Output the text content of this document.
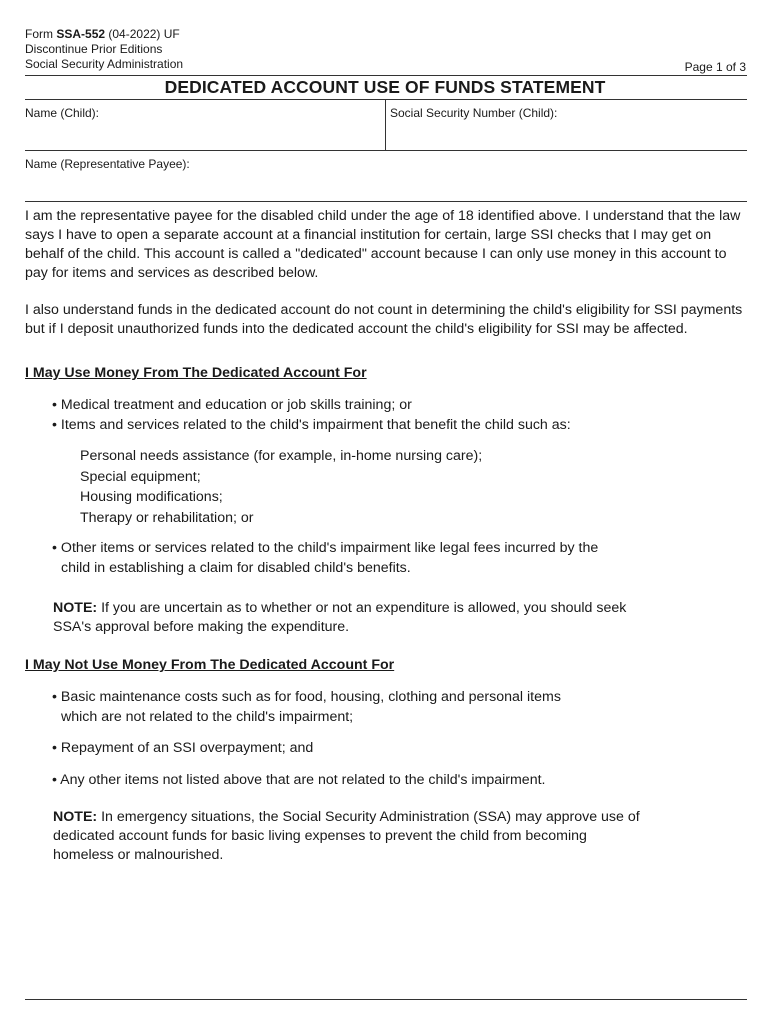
Form SSA-552 (04-2022) UF
Discontinue Prior Editions
Social Security Administration	Page 1 of 3
DEDICATED ACCOUNT USE OF FUNDS STATEMENT
Name (Child):	Social Security Number (Child):
Name (Representative Payee):

I am the representative payee for the disabled child under the age of 18 identified above. I understand that the law says I have to open a separate account at a financial institution for certain, large SSI checks that I may get on behalf of the child. This account is called a "dedicated" account because I can only use money in this account to pay for items and services as described below.

I also understand funds in the dedicated account do not count in determining the child's eligibility for SSI payments but if I deposit unauthorized funds into the dedicated account the child's eligibility for SSI may be affected.

I May Use Money From The Dedicated Account For
• Medical treatment and education or job skills training; or
• Items and services related to the child's impairment that benefit the child such as:
Personal needs assistance (for example, in-home nursing care);
Special equipment;
Housing modifications;
Therapy or rehabilitation; or
• Other items or services related to the child's impairment like legal fees incurred by the
child in establishing a claim for disabled child's benefits.
NOTE: If you are uncertain as to whether or not an expenditure is allowed, you should seek SSA's approval before making the expenditure.
I May Not Use Money From The Dedicated Account For
• Basic maintenance costs such as for food, housing, clothing and personal items
which are not related to the child's impairment;
• Repayment of an SSI overpayment; and
• Any other items not listed above that are not related to the child's impairment.
NOTE: In emergency situations, the Social Security Administration (SSA) may approve use of dedicated account funds for basic living expenses to prevent the child from becoming homeless or malnourished.
